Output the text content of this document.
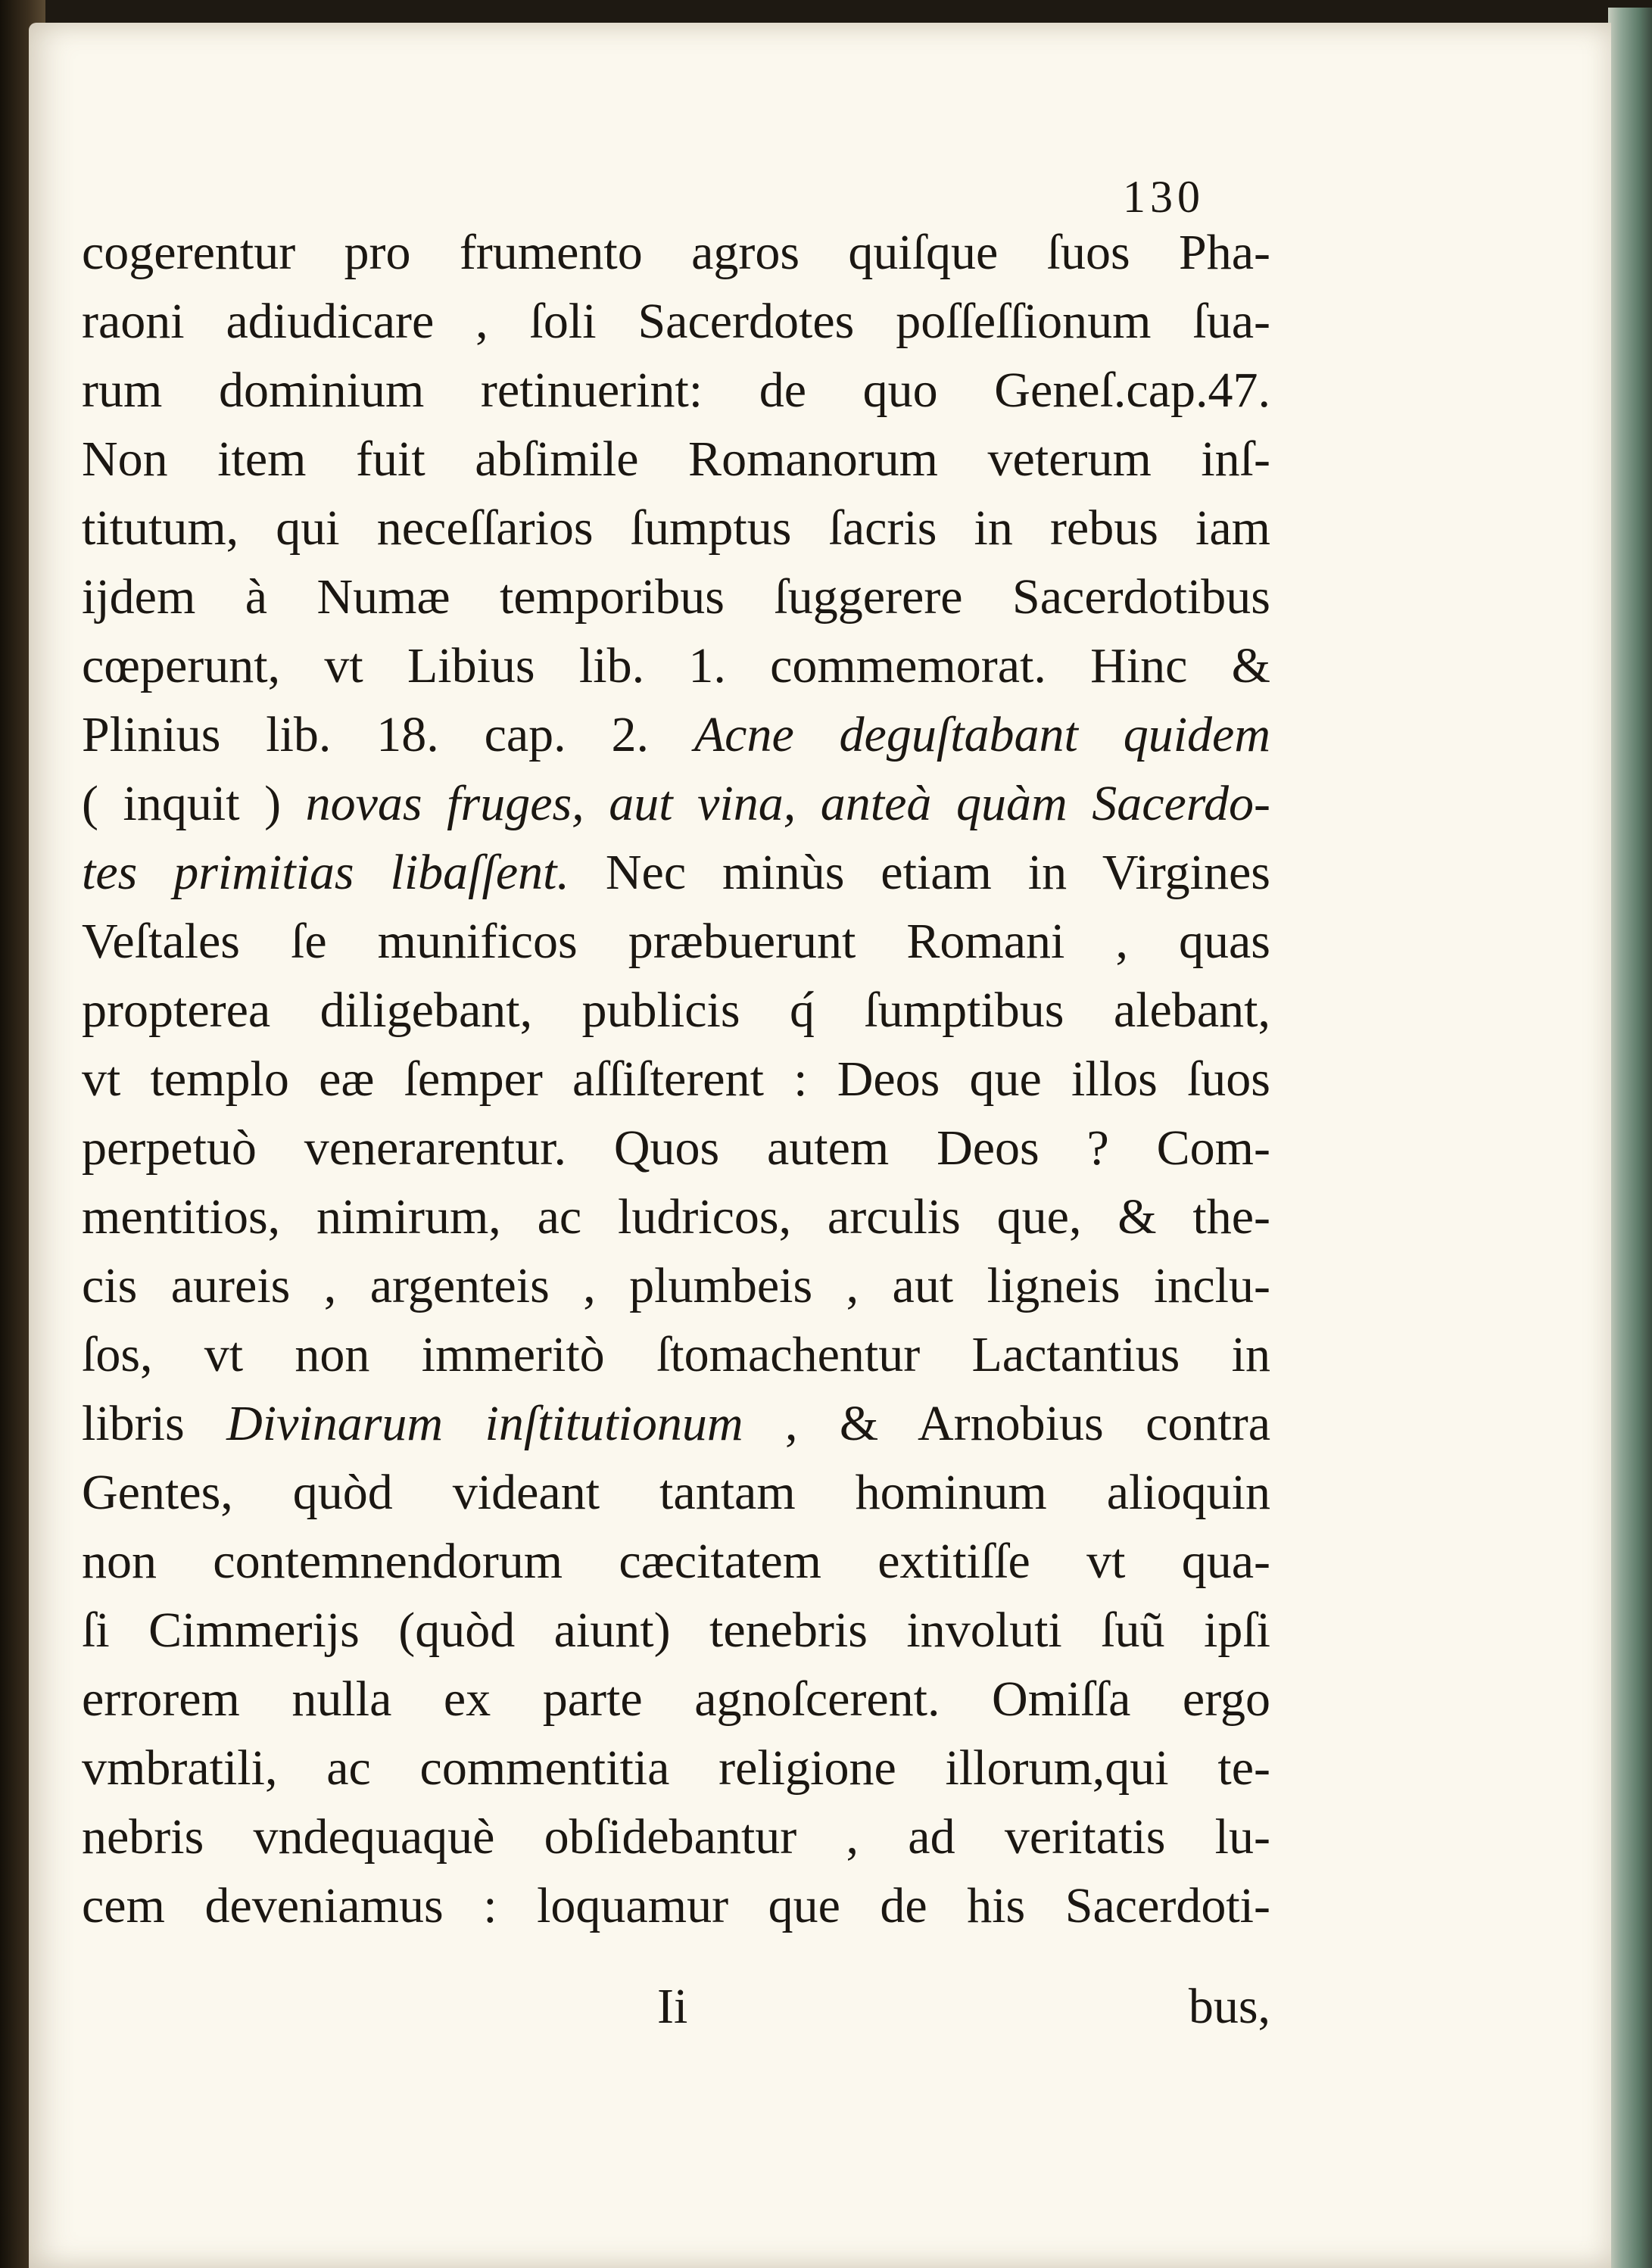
130
cogerentur pro frumento agros quiſque ſuos Pha-
raoni adiudicare , ſoli Sacerdotes poſſeſſionum ſua-
rum dominium retinuerint: de quo Geneſ.cap.47.
Non item fuit abſimile Romanorum veterum inſ-
titutum, qui neceſſarios ſumptus ſacris in rebus iam
ijdem à Numæ temporibus ſuggerere Sacerdotibus
cœperunt, vt Libius lib. 1. commemorat. Hinc &
Plinius lib. 18. cap. 2. Acne deguſtabant quidem
( inquit ) novas fruges, aut vina, anteà quàm Sacerdo-
tes primitias libaſſent. Nec minùs etiam in Virgines
Veſtales ſe munificos præbuerunt Romani , quas
propterea diligebant, publicis q́ ſumptibus alebant,
vt templo eæ ſemper aſſiſterent : Deos que illos ſuos
perpetuò venerarentur. Quos autem Deos ? Com-
mentitios, nimirum, ac ludricos, arculis que, & the-
cis aureis , argenteis , plumbeis , aut ligneis inclu-
ſos, vt non immeritò ſtomachentur Lactantius in
libris Divinarum inſtitutionum , & Arnobius contra
Gentes, quòd videant tantam hominum alioquin
non contemnendorum cæcitatem extitiſſe vt qua-
ſi Cimmerijs (quòd aiunt) tenebris involuti ſuũ ipſi
errorem nulla ex parte agnoſcerent. Omiſſa ergo
vmbratili, ac commentitia religione illorum,qui te-
nebris vndequaquè obſidebantur , ad veritatis lu-
cem deveniamus : loquamur que de his Sacerdoti-
Ii	bus,
